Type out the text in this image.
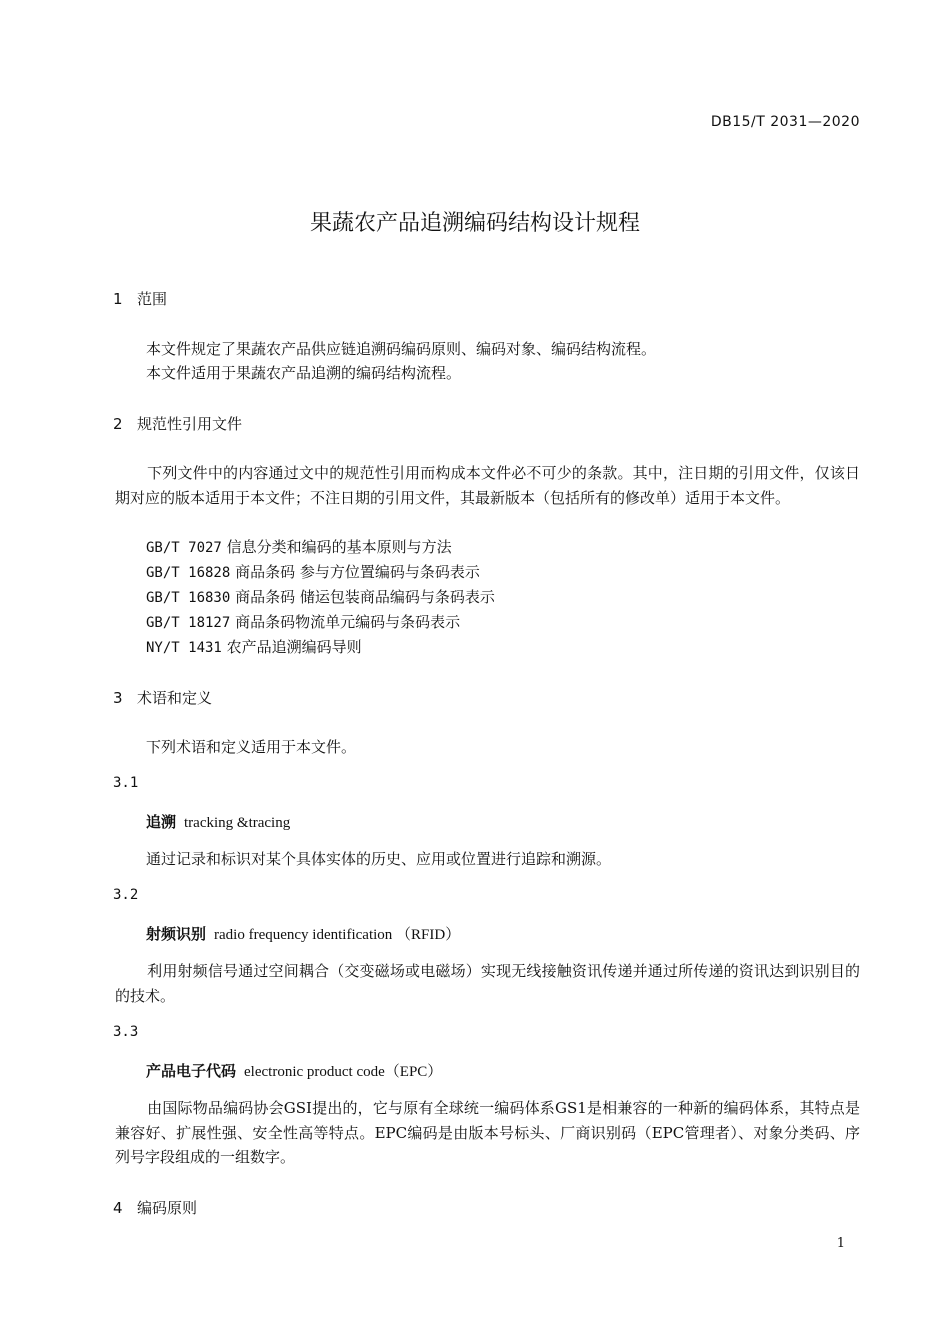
DB15/T 2031—2020
果蔬农产品追溯编码结构设计规程
1 范围
本文件规定了果蔬农产品供应链追溯码编码原则、编码对象、编码结构流程。
本文件适用于果蔬农产品追溯的编码结构流程。
2 规范性引用文件
下列文件中的内容通过文中的规范性引用而构成本文件必不可少的条款。其中，注日期的引用文件，仅该日期对应的版本适用于本文件；不注日期的引用文件，其最新版本（包括所有的修改单）适用于本文件。
GB/T 7027 信息分类和编码的基本原则与方法
GB/T 16828 商品条码 参与方位置编码与条码表示
GB/T 16830 商品条码 储运包装商品编码与条码表示
GB/T 18127 商品条码物流单元编码与条码表示
NY/T 1431 农产品追溯编码导则
3 术语和定义
下列术语和定义适用于本文件。
3.1
追溯 tracking &tracing
通过记录和标识对某个具体实体的历史、应用或位置进行追踪和溯源。
3.2
射频识别 radio frequency identification （RFID）
利用射频信号通过空间耦合（交变磁场或电磁场）实现无线接触资讯传递并通过所传递的资讯达到识别目的的技术。
3.3
产品电子代码 electronic product code（EPC）
由国际物品编码协会GSI提出的，它与原有全球统一编码体系GS1是相兼容的一种新的编码体系，其特点是兼容好、扩展性强、安全性高等特点。EPC编码是由版本号标头、厂商识别码（EPC管理者）、对象分类码、序列号字段组成的一组数字。
4 编码原则
1
